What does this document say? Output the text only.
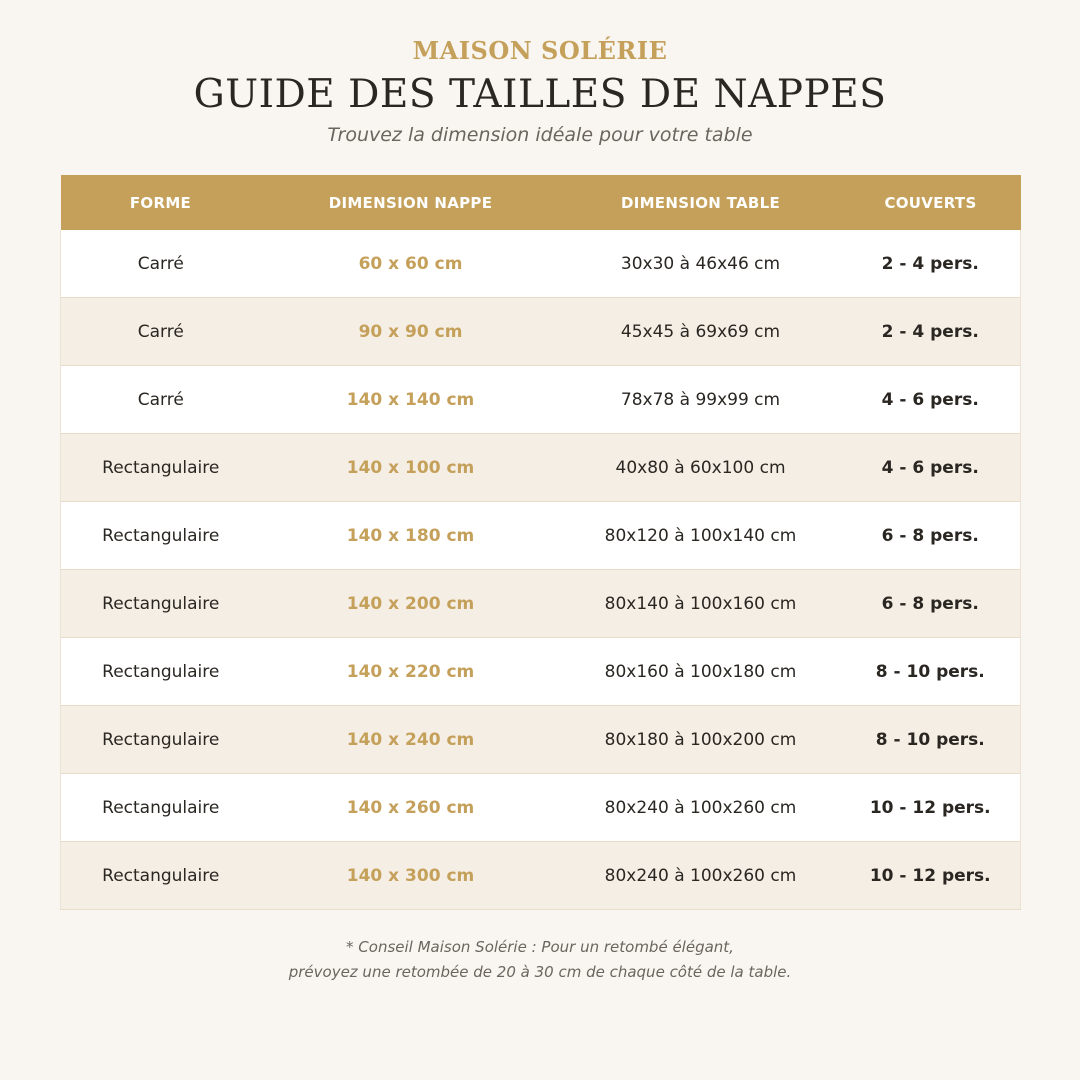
MAISON SOLÉRIE
GUIDE DES TAILLES DE NAPPES
Trouvez la dimension idéale pour votre table
FORME	DIMENSION NAPPE	DIMENSION TABLE	COUVERTS
Carré	60 x 60 cm	30x30 à 46x46 cm	2 - 4 pers.
Carré	90 x 90 cm	45x45 à 69x69 cm	2 - 4 pers.
Carré	140 x 140 cm	78x78 à 99x99 cm	4 - 6 pers.
Rectangulaire	140 x 100 cm	40x80 à 60x100 cm	4 - 6 pers.
Rectangulaire	140 x 180 cm	80x120 à 100x140 cm	6 - 8 pers.
Rectangulaire	140 x 200 cm	80x140 à 100x160 cm	6 - 8 pers.
Rectangulaire	140 x 220 cm	80x160 à 100x180 cm	8 - 10 pers.
Rectangulaire	140 x 240 cm	80x180 à 100x200 cm	8 - 10 pers.
Rectangulaire	140 x 260 cm	80x240 à 100x260 cm	10 - 12 pers.
Rectangulaire	140 x 300 cm	80x240 à 100x260 cm	10 - 12 pers.
* Conseil Maison Solérie : Pour un retombé élégant,
prévoyez une retombée de 20 à 30 cm de chaque côté de la table.
